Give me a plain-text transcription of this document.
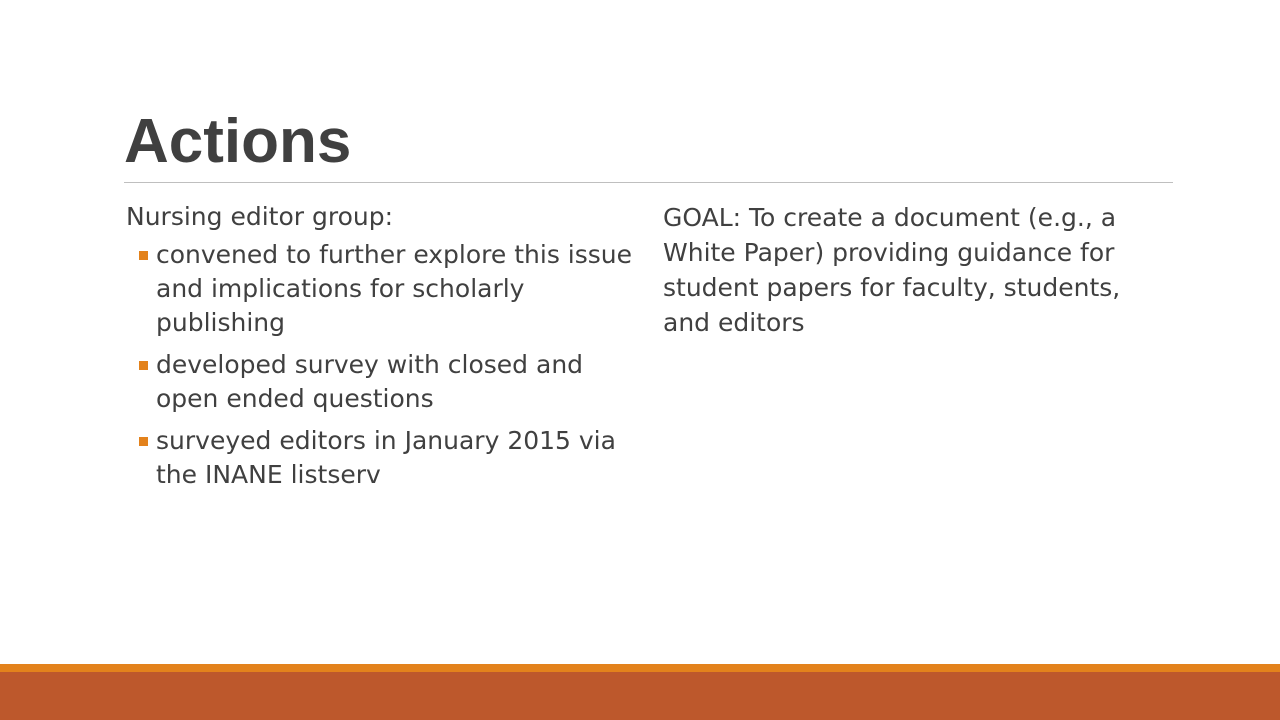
Actions

Nursing editor group:

convened to further explore this issue and implications for scholarly publishing
developed survey with closed and open ended questions
surveyed editors in January 2015 via the INANE listserv

GOAL: To create a document (e.g., a White Paper) providing guidance for student papers for faculty, students, and editors
